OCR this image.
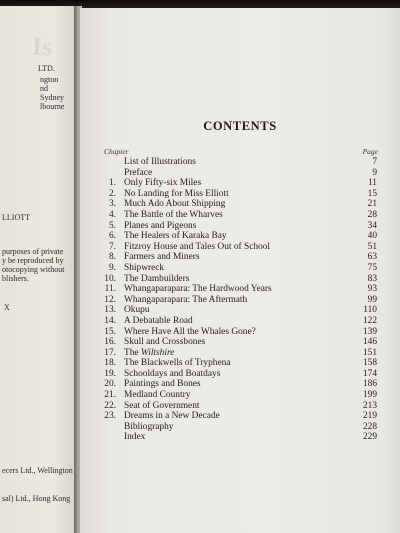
Is
LTD.
ngton
nd
Sydney
lbourne
LLIOTT
purposes of private
y be reproduced by
otocopying without
blishers.
X
ecers Ltd., Wellington
sal) Ltd., Hong Kong
CONTENTS
Chapter	Page
List of Illustrations	7
Preface	9
1. Only Fifty-six Miles	11
2. No Landing for Miss Elliott	15
3. Much Ado About Shipping	21
4. The Battle of the Wharves	28
5. Planes and Pigeons	34
6. The Healers of Karaka Bay	40
7. Fitzroy House and Tales Out of School	51
8. Farmers and Miners	63
9. Shipwreck	75
10. The Dambuilders	83
11. Whangaparapara: The Hardwood Years	93
12. Whangaparapara: The Aftermath	99
13. Okupu	110
14. A Debatable Road	122
15. Where Have All the Whales Gone?	139
16. Skull and Crossbones	146
17. The Wiltshire	151
18. The Blackwells of Tryphena	158
19. Schooldays and Boatdays	174
20. Paintings and Bones	186
21. Medland Country	199
22. Seat of Government	213
23. Dreams in a New Decade	219
Bibliography	228
Index	229
